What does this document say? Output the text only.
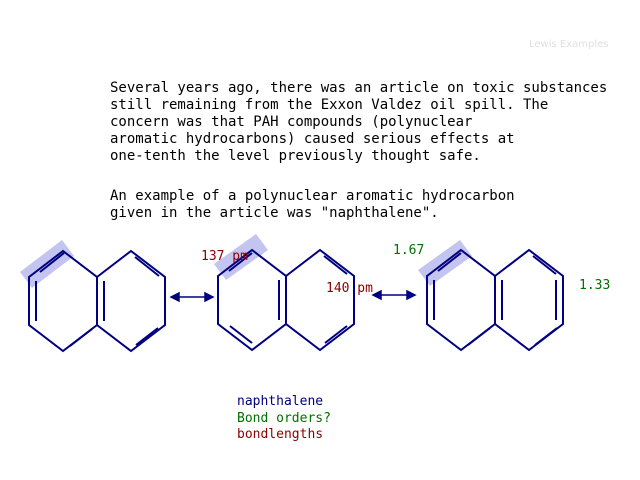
Lewis Examples

Several years ago, there was an article on toxic substances
still remaining from the Exxon Valdez oil spill. The
concern was that PAH compounds (polynuclear
aromatic hydrocarbons) caused serious effects at
one-tenth the level previously thought safe.

An example of a polynuclear aromatic hydrocarbon
given in the article was "naphthalene".

137 pm
140 pm
1.67
1.33

naphthalene

Bond orders?

bondlengths
